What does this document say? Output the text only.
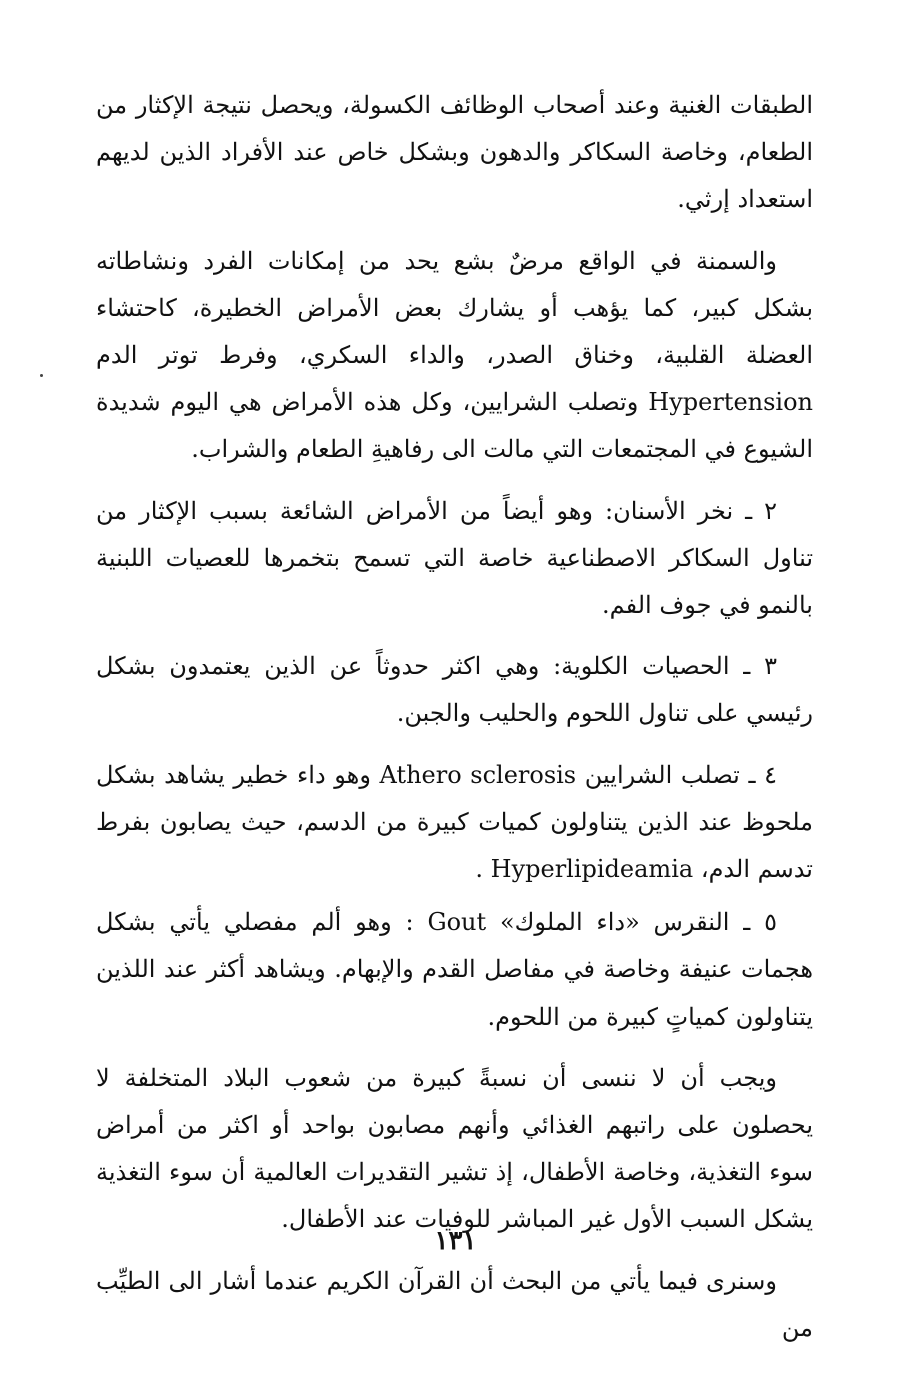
الطبقات الغنية وعند أصحاب الوظائف الكسولة، ويحصل نتيجة الإكثار من الطعام، وخاصة السكاكر والدهون وبشكل خاص عند الأفراد الذين لديهم استعداد إرثي.

والسمنة في الواقع مرضٌ بشع يحد من إمكانات الفرد ونشاطاته بشكل كبير، كما يؤهب أو يشارك بعض الأمراض الخطيرة، كاحتشاء العضلة القلبية، وخناق الصدر، والداء السكري، وفرط توتر الدم Hypertension وتصلب الشرايين، وكل هذه الأمراض هي اليوم شديدة الشيوع في المجتمعات التي مالت الى رفاهيةِ الطعام والشراب.

٢ ـ نخر الأسنان: وهو أيضاً من الأمراض الشائعة بسبب الإكثار من تناول السكاكر الاصطناعية خاصة التي تسمح بتخمرها للعصيات اللبنية بالنمو في جوف الفم.

٣ ـ الحصيات الكلوية: وهي اكثر حدوثاً عن الذين يعتمدون بشكل رئيسي على تناول اللحوم والحليب والجبن.

٤ ـ تصلب الشرايين Athero sclerosis وهو داء خطير يشاهد بشكل ملحوظ عند الذين يتناولون كميات كبيرة من الدسم، حيث يصابون بفرط تدسم الدم، Hyperlipideamia .

٥ ـ النقرس «داء الملوك» Gout : وهو ألم مفصلي يأتي بشكل هجمات عنيفة وخاصة في مفاصل القدم والإبهام. ويشاهد أكثر عند اللذين يتناولون كمياتٍ كبيرة من اللحوم.

ويجب أن لا ننسى أن نسبةً كبيرة من شعوب البلاد المتخلفة لا يحصلون على راتبهم الغذائي وأنهم مصابون بواحد أو اكثر من أمراض سوء التغذية، وخاصة الأطفال، إذ تشير التقديرات العالمية أن سوء التغذية يشكل السبب الأول غير المباشر للوفيات عند الأطفال.

وسنرى فيما يأتي من البحث أن القرآن الكريم عندما أشار الى الطيِّب من

١٣١
